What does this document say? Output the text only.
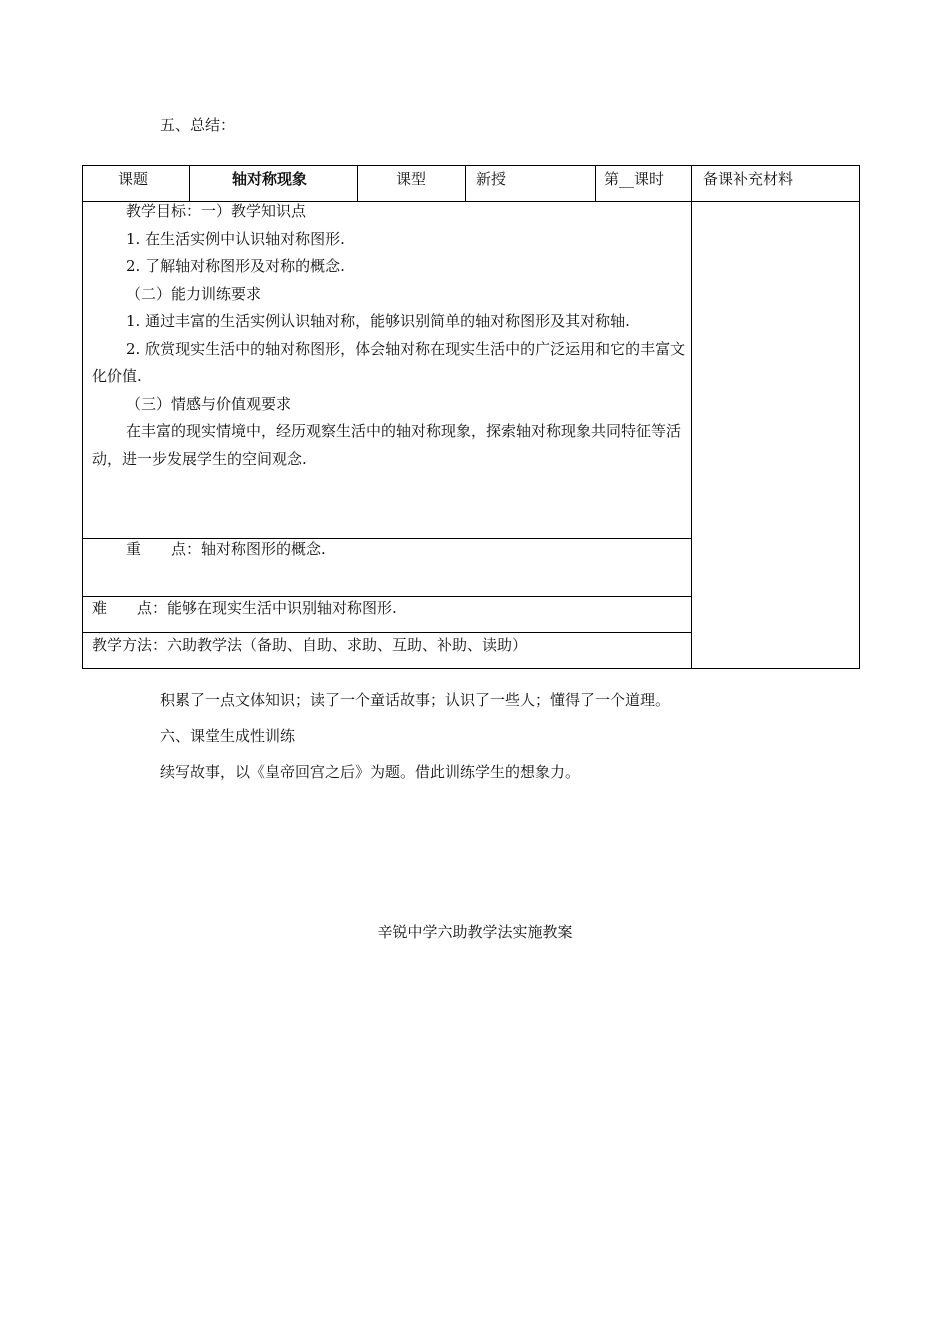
五、总结：
课题	轴对称现象	课型	新授	第__课时	备课补充材料
教学目标：一）教学知识点
1. 在生活实例中认识轴对称图形.
2. 了解轴对称图形及对称的概念.
（二）能力训练要求
1. 通过丰富的生活实例认识轴对称，能够识别简单的轴对称图形及其对称轴.
2. 欣赏现实生活中的轴对称图形，体会轴对称在现实生活中的广泛运用和它的丰富文化价值.
（三）情感与价值观要求
在丰富的现实情境中，经历观察生活中的轴对称现象，探索轴对称现象共同特征等活动，进一步发展学生的空间观念.
重　　点：轴对称图形的概念.
难　　点：能够在现实生活中识别轴对称图形.
教学方法：六助教学法（备助、自助、求助、互助、补助、读助）
积累了一点文体知识；读了一个童话故事；认识了一些人；懂得了一个道理。
六、课堂生成性训练
续写故事，以《皇帝回宫之后》为题。借此训练学生的想象力。
辛锐中学六助教学法实施教案
